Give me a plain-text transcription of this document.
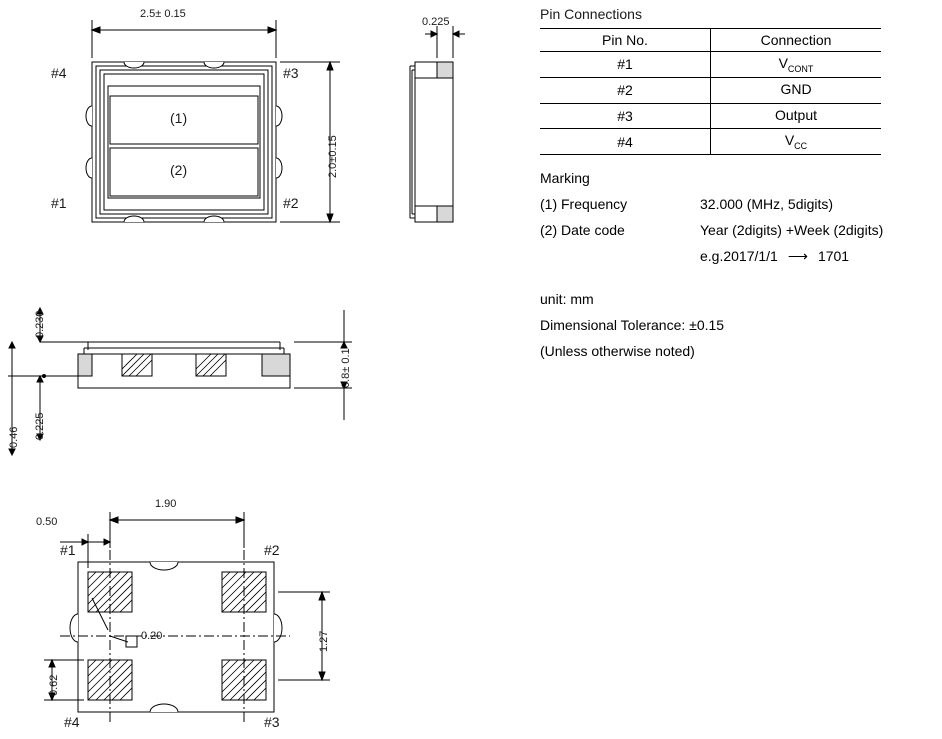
2.5± 0.15
2.0±0.15
(1)
(2)
#4	#3
#1	#2
0.225
0.230
0.225
0.46
0.8± 0.1
1.90
0.50
1.27
0.62
0.20
#1	#2
#4	#3
Pin Connections
Pin No.	Connection
#1	$V_{CONT}$
#2	GND
#3	Output
#4	$V_{CC}$
Marking
(1) Frequency	32.000 (MHz, 5digits)
(2) Date code	Year (2digits) +Week (2digits)
e.g.2017/1/1 ⟶ 1701
unit: mm
Dimensional Tolerance: ±0.15
(Unless otherwise noted)
